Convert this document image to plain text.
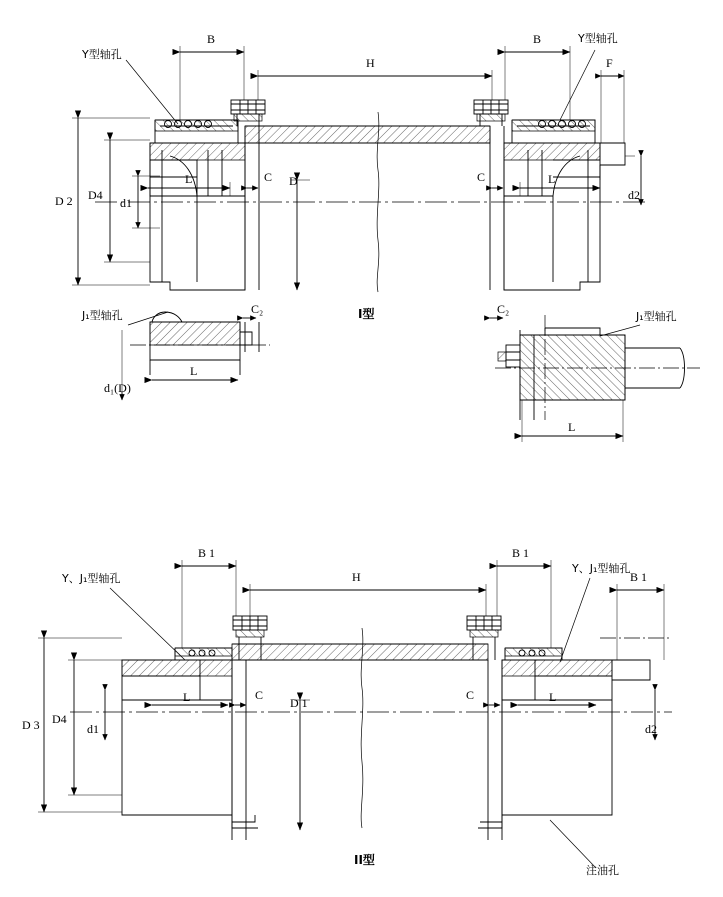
Y型轴孔
Y型轴孔
J₁型轴孔	J₁型轴孔
B	B
H	F
D 2 D4
d1
d2
D
L	L
C	C
C₂	C₂
L
L
d₁(D)
I型
Y、J₁型轴孔
Y、J₁型轴孔
注油孔
B 1	B 1
B 1
H
D 3 D4
d1	d2
D 1
L	L
C	C
II型
